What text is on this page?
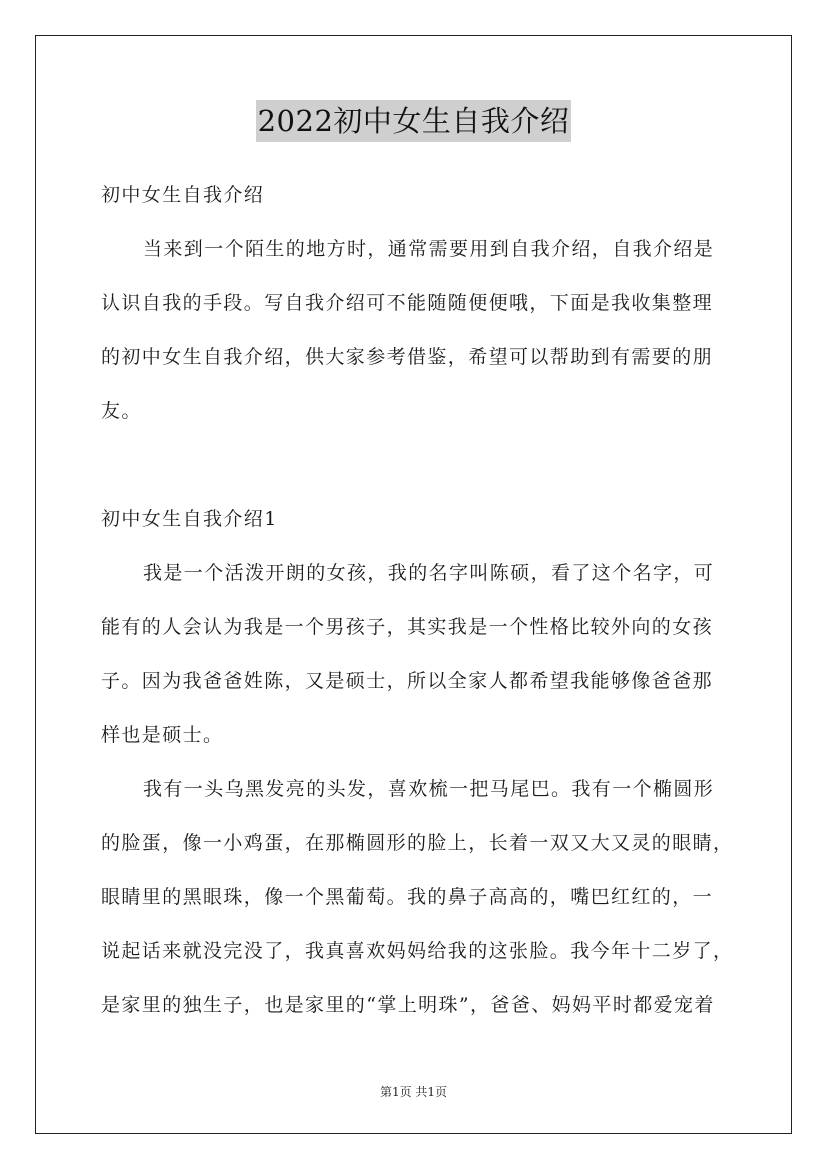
2022初中女生自我介绍
初中女生自我介绍
当来到一个陌生的地方时，通常需要用到自我介绍，自我介绍是
认识自我的手段。写自我介绍可不能随随便便哦，下面是我收集整理
的初中女生自我介绍，供大家参考借鉴，希望可以帮助到有需要的朋
友。
初中女生自我介绍1
我是一个活泼开朗的女孩，我的名字叫陈硕，看了这个名字，可
能有的人会认为我是一个男孩子，其实我是一个性格比较外向的女孩
子。因为我爸爸姓陈，又是硕士，所以全家人都希望我能够像爸爸那
样也是硕士。
我有一头乌黑发亮的头发，喜欢梳一把马尾巴。我有一个椭圆形
的脸蛋，像一小鸡蛋，在那椭圆形的脸上，长着一双又大又灵的眼睛，
眼睛里的黑眼珠，像一个黑葡萄。我的鼻子高高的，嘴巴红红的，一
说起话来就没完没了，我真喜欢妈妈给我的这张脸。我今年十二岁了，
是家里的独生子，也是家里的“掌上明珠”，爸爸、妈妈平时都爱宠着
第1页 共1页
